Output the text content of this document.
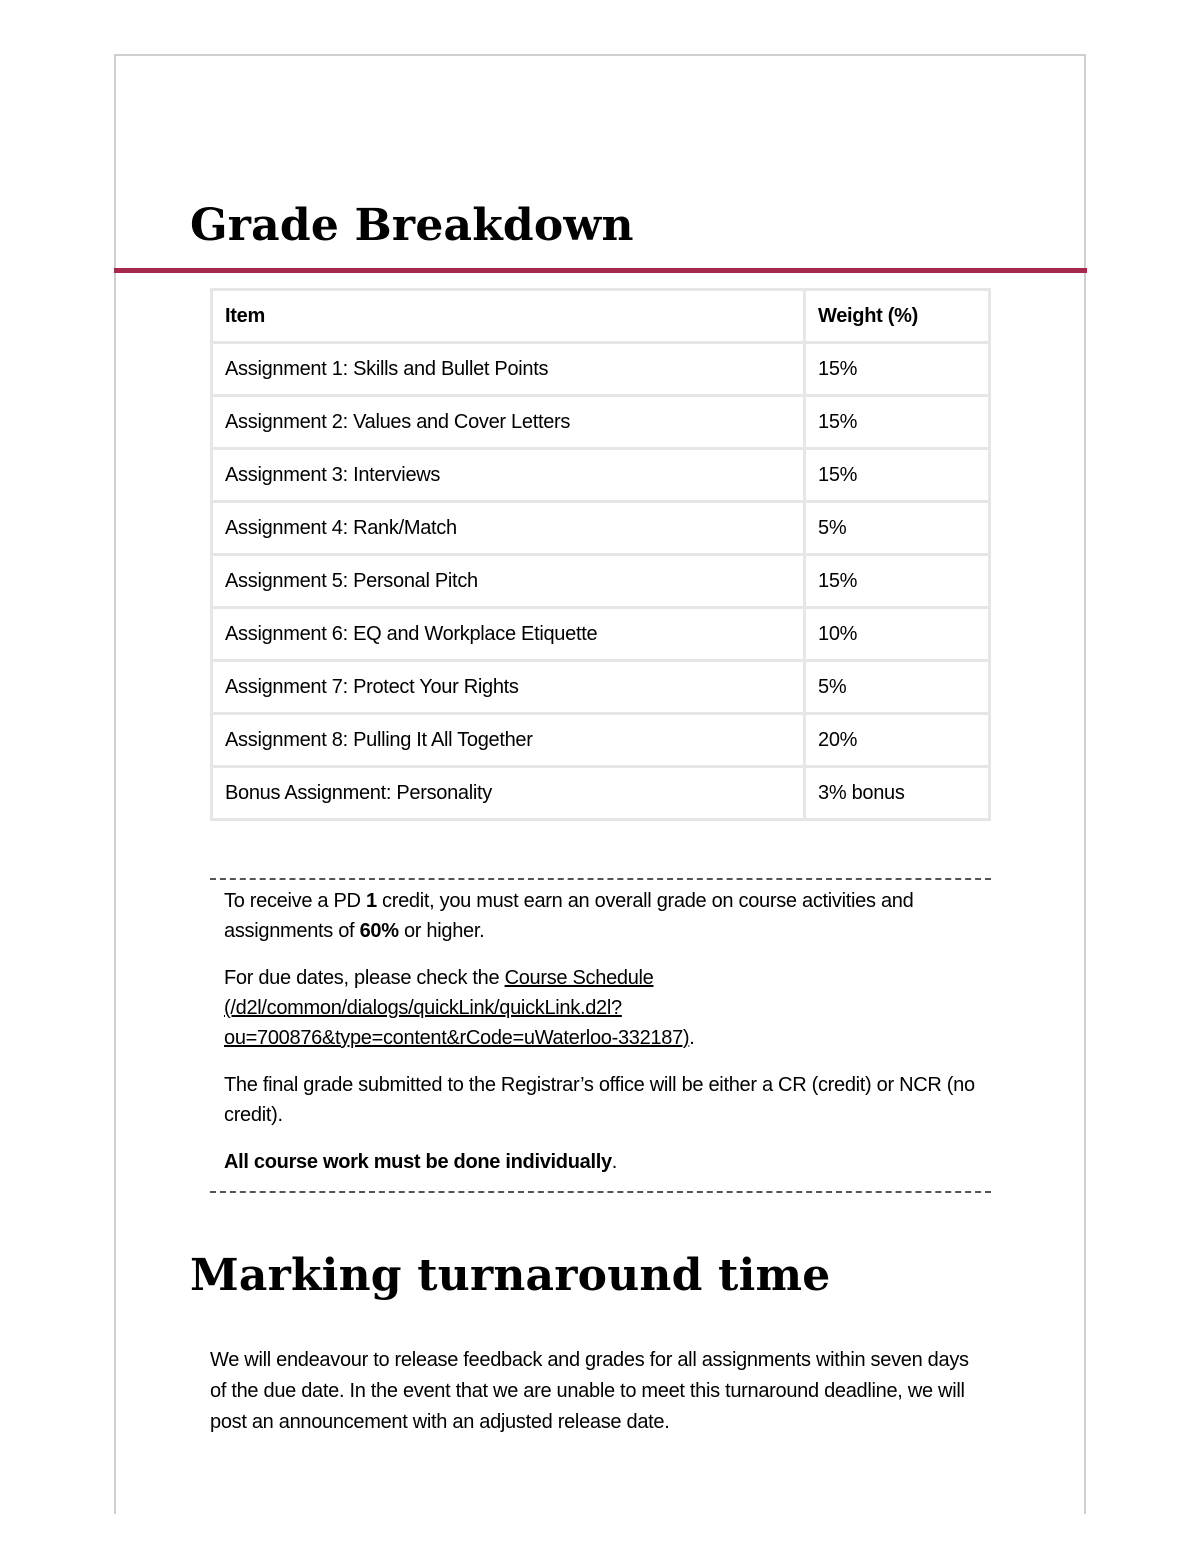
Grade Breakdown
Item	Weight (%)
Assignment 1: Skills and Bullet Points	15%
Assignment 2: Values and Cover Letters	15%
Assignment 3: Interviews	15%
Assignment 4: Rank/Match	5%
Assignment 5: Personal Pitch	15%
Assignment 6: EQ and Workplace Etiquette	10%
Assignment 7: Protect Your Rights	5%
Assignment 8: Pulling It All Together	20%
Bonus Assignment: Personality	3% bonus

To receive a PD 1 credit, you must earn an overall grade on course activities and assignments of 60% or higher.

For due dates, please check the Course Schedule (/d2l/common/dialogs/quickLink/quickLink.d2l?ou=700876&type=content&rCode=uWaterloo-332187).

The final grade submitted to the Registrar’s office will be either a CR (credit) or NCR (no credit).

All course work must be done individually.

Marking turnaround time

We will endeavour to release feedback and grades for all assignments within seven days of the due date. In the event that we are unable to meet this turnaround deadline, we will post an announcement with an adjusted release date.
